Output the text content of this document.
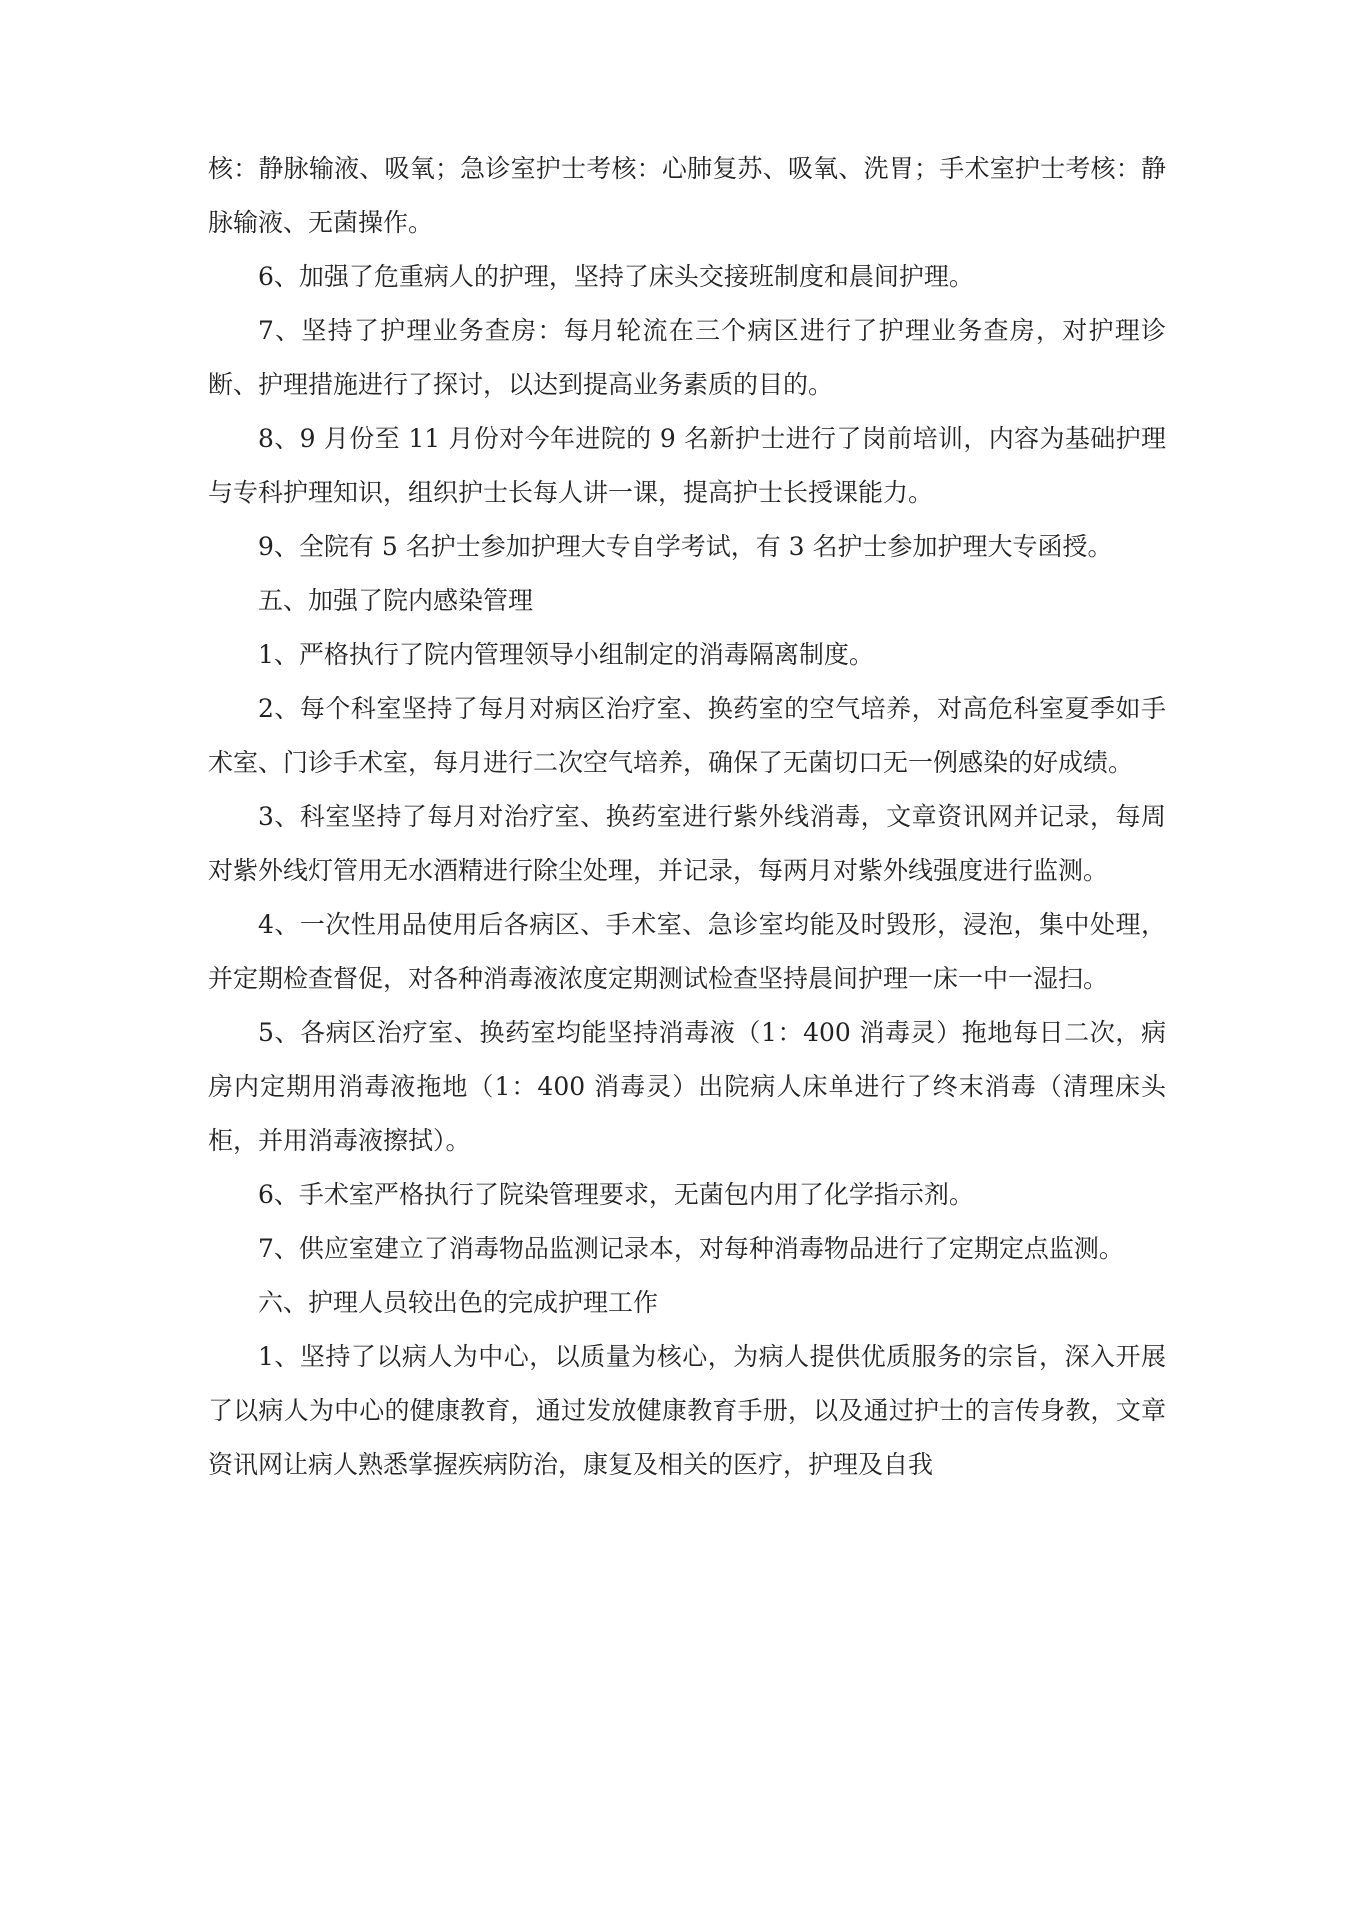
核：静脉输液、吸氧；急诊室护士考核：心肺复苏、吸氧、洗胃；手术室护士考核：静脉输液、无菌操作。

6、加强了危重病人的护理，坚持了床头交接班制度和晨间护理。

7、坚持了护理业务查房：每月轮流在三个病区进行了护理业务查房，对护理诊断、护理措施进行了探讨，以达到提高业务素质的目的。

8、9 月份至 11 月份对今年进院的 9 名新护士进行了岗前培训，内容为基础护理与专科护理知识，组织护士长每人讲一课，提高护士长授课能力。

9、全院有 5 名护士参加护理大专自学考试，有 3 名护士参加护理大专函授。

五、加强了院内感染管理

1、严格执行了院内管理领导小组制定的消毒隔离制度。

2、每个科室坚持了每月对病区治疗室、换药室的空气培养，对高危科室夏季如手术室、门诊手术室，每月进行二次空气培养，确保了无菌切口无一例感染的好成绩。

3、科室坚持了每月对治疗室、换药室进行紫外线消毒，文章资讯网并记录，每周对紫外线灯管用无水酒精进行除尘处理，并记录，每两月对紫外线强度进行监测。

4、一次性用品使用后各病区、手术室、急诊室均能及时毁形，浸泡，集中处理，并定期检查督促，对各种消毒液浓度定期测试检查坚持晨间护理一床一中一湿扫。

5、各病区治疗室、换药室均能坚持消毒液（1：400 消毒灵）拖地每日二次，病房内定期用消毒液拖地（1：400 消毒灵）出院病人床单进行了终末消毒（清理床头柜，并用消毒液擦拭）。

6、手术室严格执行了院染管理要求，无菌包内用了化学指示剂。

7、供应室建立了消毒物品监测记录本，对每种消毒物品进行了定期定点监测。

六、护理人员较出色的完成护理工作

1、坚持了以病人为中心，以质量为核心，为病人提供优质服务的宗旨，深入开展了以病人为中心的健康教育，通过发放健康教育手册，以及通过护士的言传身教，文章资讯网让病人熟悉掌握疾病防治，康复及相关的医疗，护理及自我
